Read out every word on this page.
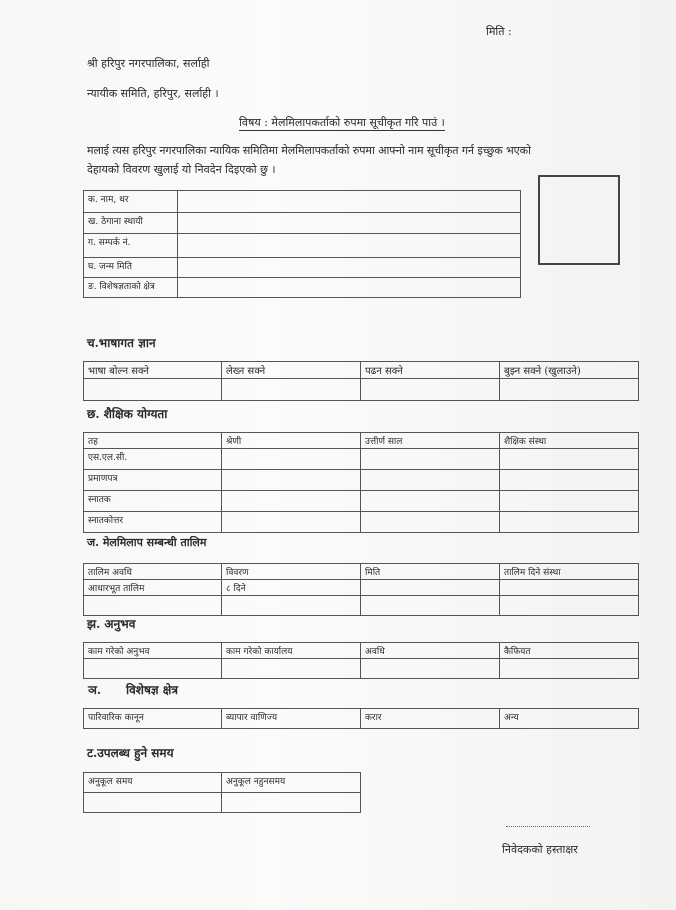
मिति :
श्री हरिपुर नगरपालिका, सर्लाही
न्यायीक समिति, हरिपुर, सर्लाही ।
विषय : मेलमिलापकर्ताको रुपमा सूचीकृत गरि पाउं ।
मलाई त्यस हरिपुर नगरपालिका न्यायिक समितिमा मेलमिलापकर्ताको रुपमा आफ्नो नाम सूचीकृत गर्न इच्छुक भएको
देहायको विवरण खुलाई यो निवदेन दिइएको छु ।
क. नाम, थर	
ख. ठेगाना स्थायी	
ग. सम्पर्क नं.	
घ. जन्म मिति	
ङ. विशेषज्ञताको क्षेत्र	
च.भाषागत ज्ञान
भाषा बोल्न सक्ने	लेख्न सक्ने	पढन सक्ने	बुझ्न सक्ने (खुलाउने)

छ. शैक्षिक योग्यता
तह	श्रेणी	उत्तीर्ण साल	शैक्षिक संस्था
एस.एल.सी.			
प्रमाणपत्र			
स्नातक			
स्नातकोत्तर			
ज. मेलमिलाप सम्बन्धी तालिम
तालिम अवधि	विवरण	मिति	तालिम दिने संस्था
आधारभूत तालिम	८ दिने		

झ. अनुभव
काम गरेको अनुभव	काम गरेको कार्यालय	अवधि	कैफियत

ञ. विशेषज्ञ क्षेत्र
पारिवारिक कानून	ब्यापार वाणिज्य	करार	अन्य
ट.उपलब्ध हुने समय
अनुकूल समय	अनुकूल नहुनसमय

निवेदकको हस्ताक्षर
